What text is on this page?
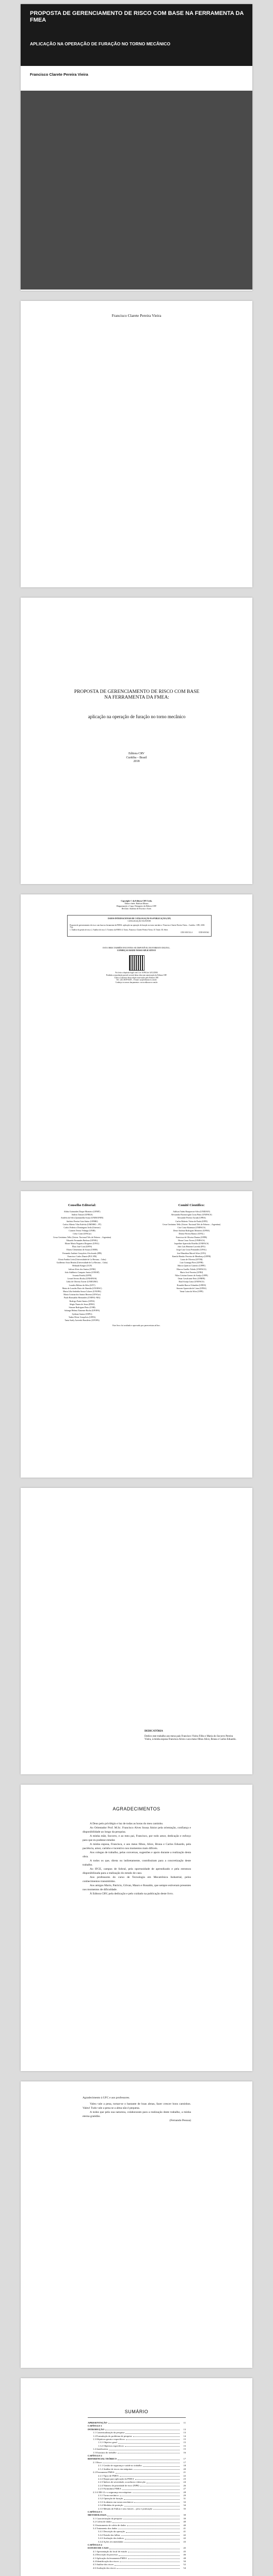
PROPOSTA DE GERENCIAMENTO DE RISCO COM BASE NA FERRAMENTA DA FMEA
APLICAÇÃO NA OPERAÇÃO DE FURAÇÃO NO TORNO MECÂNICO
Francisco Clarete Pereira Vieira
Francisco Clarete Pereira Vieira
PROPOSTA DE GERENCIAMENTO DE RISCO COM BASE NA FERRAMENTA DA FMEA:
aplicação na operação de furação no torno mecânico
Editora CRV
Curitiba – Brasil
2018
Copyright © da Editora CRV Ltda.
Editor-chefe: Railson Moura
Diagramação e Capa: Designers da Editora CRV
Revisão: Analista de Escrita e Artes
DADOS INTERNACIONAIS DE CATALOGAÇÃO-NA-PUBLICAÇÃO (CIP)
CATALOGAÇÃO NA FONTE
Proposta de gerenciamento de risco com base na ferramenta da FMEA: aplicação na operação de furação no torno mecânico / Francisco Clarete Pereira Vieira – Curitiba : CRV, 2018.
70 p.
1. Análise de gestão de risco 2. Análise de risco 3. Torneiro da FMEA 4. Torno, Francisco Clarete Pereira Vieira. II. Título. III. Série.
CDU 658.512.4	CDD 658.562
ESTA OBRA TAMBÉM ENCONTRA-SE DISPONÍVEL EM FORMATO DIGITAL.
CONHEÇA E BAIXE NOSSO APLICATIVO!
Foi feito o depósito legal conf. Lei 10.994 de 14/12/2004
Proibida a reprodução parcial ou total desta obra sem autorização da Editora CRV
Todos os direitos desta edição reservados pela Editora CRV
Tel.: (41) 3039-6418 – E-mail: sac@editoracrv.com.br
Conheça os nossos lançamentos: www.editoracrv.com.br
Conselho Editorial:
Aldira Guimarães Duque Monteiro (UFMT)
Andrea Tomazi (UFRGS)
Andréia da Silva Quintanilha Sousa (UNIR/UFRN)
Antônio Pereira Gaio Júnior (UFRRJ)
Carlos Alberto Vilar Estêvão (UMINHO – PT)
Carlos Federico Dominguez Avila (Unieuro)
Carmen Tereza Velanga (UNIR)
Celso Conti (UFSCar)
Cesar Gerónimo Tello (Univer. Nacional Três de Febrero – Argentina)
Eduardo Fernandes Barbosa (UFMG)
Elione Maria Nogueira Diogenes (UFAL)
Élsio José Corá (UFFS)
Elizeu Clementino de Souza (UNEB)
Fernando Antônio Gonçalves Alcoforado (IPB)
Francisco Carlos Duarte (PUC-PR)
Gloria Fariñas León (Universidade de La Havana – Cuba)
Guillermo Arias Beatón (Universidade de La Havana – Cuba)
Helmuth Krüger (UCP)
Jailson Alves dos Santos (UFRJ)
João Adalberto Campato Junior (UNESP)
Josania Portela (UFPI)
Leonel Severo Rocha (UNISINOS)
Lídia de Oliveira Xavier (UNIEURO)
Lourdes Helena da Silva (UFV)
Maria de Lourdes Pinto de Almeida (UNOESC)
Maria Lília Imbiriba Sousa Colares (UNOPA)
Maria Cristina dos Santos Bezerra (UFSCar)
Paulo Romualdo Hernandes (UNIFAL-MG)
Rodrigo Pratte-Santos (UFES)
Sérgio Nunes de Jesus (IFRO)
Simone Rodrigues Pinto (UNB)
Solange Helena Ximenes-Rocha (UFOPA)
Sydione Santos (UEPG)
Tadeu Oliver Gonçalves (UFPA)
Tania Suely Azevedo Brasileiro (UFOPA)
Comitê Científico:
Adilson Tadeu Basquerote Silva (UNIDAVI)
Alessandra Buonavoglia Costa Pinto (UNIFACS)
Alexandre Pereira Arruda (UFBA)
Carlos Roberto Vieira de Paula (UFPI)
Cesar Gerónimo Tello (Univer. Nacional Três de Febrero – Argentina)
Ciro Costa Kitamura (UNIFACS)
Deise Antônia Rodrigues Monteiro (UFBA)
Denise Pereira Ramos (UFAL)
Francisca de Oliveira Dantas (UFPB)
Heron Cesar Torres (UNIFACS)
Jaqueline Aparecida Botelho (UNIFACS)
João Luís Heneine Lacerda (IFG)
Jorge Luiz Costa Fernandes (UFAL)
José Hamilton Maciel Silva (UFG)
Kamila Haruko Ferreira de Mendonça (UFPB)
Laura de Oliveira (UFTM)
Luiz Gonzaga Pires (UFPB)
Marcio Queiroz Carneiro (UFPE)
Marcos Aurélio Toledo (UNIFACS)
Mario José Ferreira (UFRJ)
Nilza Cristina Gomes de Araújo (UFPI)
Omar Cavalcante Neto (UFRPE)
Raul Araújo Lima (UNIFACS)
Ronaldo Barros Orlandini (UFRN)
Simone Aparecida de Lima (UFBA)
Vania Luiza da Silva (UFPI)
Este livro foi avaliado e aprovado por pareceristas ad hoc.
DEDICATÓRIA
Dedico este trabalho aos meus pais Francisco Vieira Filho e Maria do Socorro Pereira Vieira, à minha esposa Francisca Alves e aos meus filhos Alice, Bruna e Carlos Eduardo.
AGRADECIMENTOS
A Deus pelo privilégio e luz de todas as horas do meu caminho.
Ao Orientador Prof. M.Sc. Francisco Alves Sousa Júnior pela orientação, confiança e disponibilidade ao longo da pesquisa.
A minha mãe, Socorro, e ao meu pai, Francisco, por todo amor, dedicação e esforço para que eu pudesse estudar.
A minha esposa, Francisca, e aos meus filhos, Alice, Bruna e Carlos Eduardo, pela paciência, amor, carinho e incentivo nos momentos mais difíceis.
Aos colegas de trabalho, pelas conversas, sugestões e apoio durante a realização desta obra.
A todos os que, direta ou indiretamente, contribuíram para a concretização deste trabalho.
Ao IFCE, campus de Sobral, pela oportunidade de aprendizado e pela estrutura disponibilizada para a realização do estudo de caso.
Aos professores do curso de Tecnologia em Mecatrônica Industrial, pelos conhecimentos transmitidos.
Aos amigos Mario, Patrício, Gilvan, Mauro e Ronaldo, que sempre estiveram presentes nos momentos de dificuldade.
À Editora CRV, pela dedicação e pelo cuidado na publicação deste livro.
Agradecimento à UFC e aos professores.
Valeu vale a pena, tornar-se o bastante de boas almas, fazer crescer bons caminhos. Valeu! Tudo vale a pena se a alma não é pequena.
A todos que pela sua natureza, colaboraram para a realização deste trabalho, a minha eterna gratidão.
(Fernando Pessoa)
SUMÁRIO
APRESENTAÇÃO	11
CAPÍTULO 1
INTRODUÇÃO	13
1.1 Contextualização da pesquisa	13
1.2 Formulação do problema de pesquisa	14
1.3 Objetivos gerais e específicos	15
1.3.1 Objetivo geral	15
1.3.2 Objetivos específicos	15
1.4 Justificativa	15
1.5 Estrutura do trabalho	16
CAPÍTULO 2
REFERENCIAL TEÓRICO	17
2.1 Risco	17
2.1.1 Gestão de segurança e saúde no trabalho	18
2.1.2 Análise de riscos em máquinas	20
2.2 Ferramenta FMEA	21
2.2.1 Tipos de FMEA	22
2.2.2 Etapas para aplicação da FMEA	23
2.2.3 Índices de severidade, ocorrência e detecção	24
2.2.4 Número de prioridade de risco (NPR)	26
2.2.5 Formulário FMEA	27
2.3 A NR-12 e a segurança em máquinas	28
2.3.1 Torno mecânico	29
2.3.2 Operação de furação	31
2.3.3 Acidentes em tornos mecânicos	33
2.3.4 Medidas de proteção	34
2.3.5 Método de Fallon e seus fatores – peso e pontuação	35
CAPÍTULO 3
METODOLOGIA	39
3.1 Caracterização da pesquisa	39
3.2 Coleta de dados	40
3.3 Instrumento de coleta de dados	40
3.4 Tratamento dos dados	41
3.4.1 Descrição da operação	41
3.4.2 Estudo das falhas	42
3.4.3 Avaliação dos índices	42
3.4.4 Ações recomendadas	43
CAPÍTULO 4
ESTUDO DE CASO	45
4.1 Apresentação do local de estudo	45
4.2 Descrição do processo	46
4.3 Aplicação da ferramenta FMEA	48
4.4 Identificação dos riscos	50
4.5 Análise dos riscos	52
4.6 Avaliação dos riscos	54
